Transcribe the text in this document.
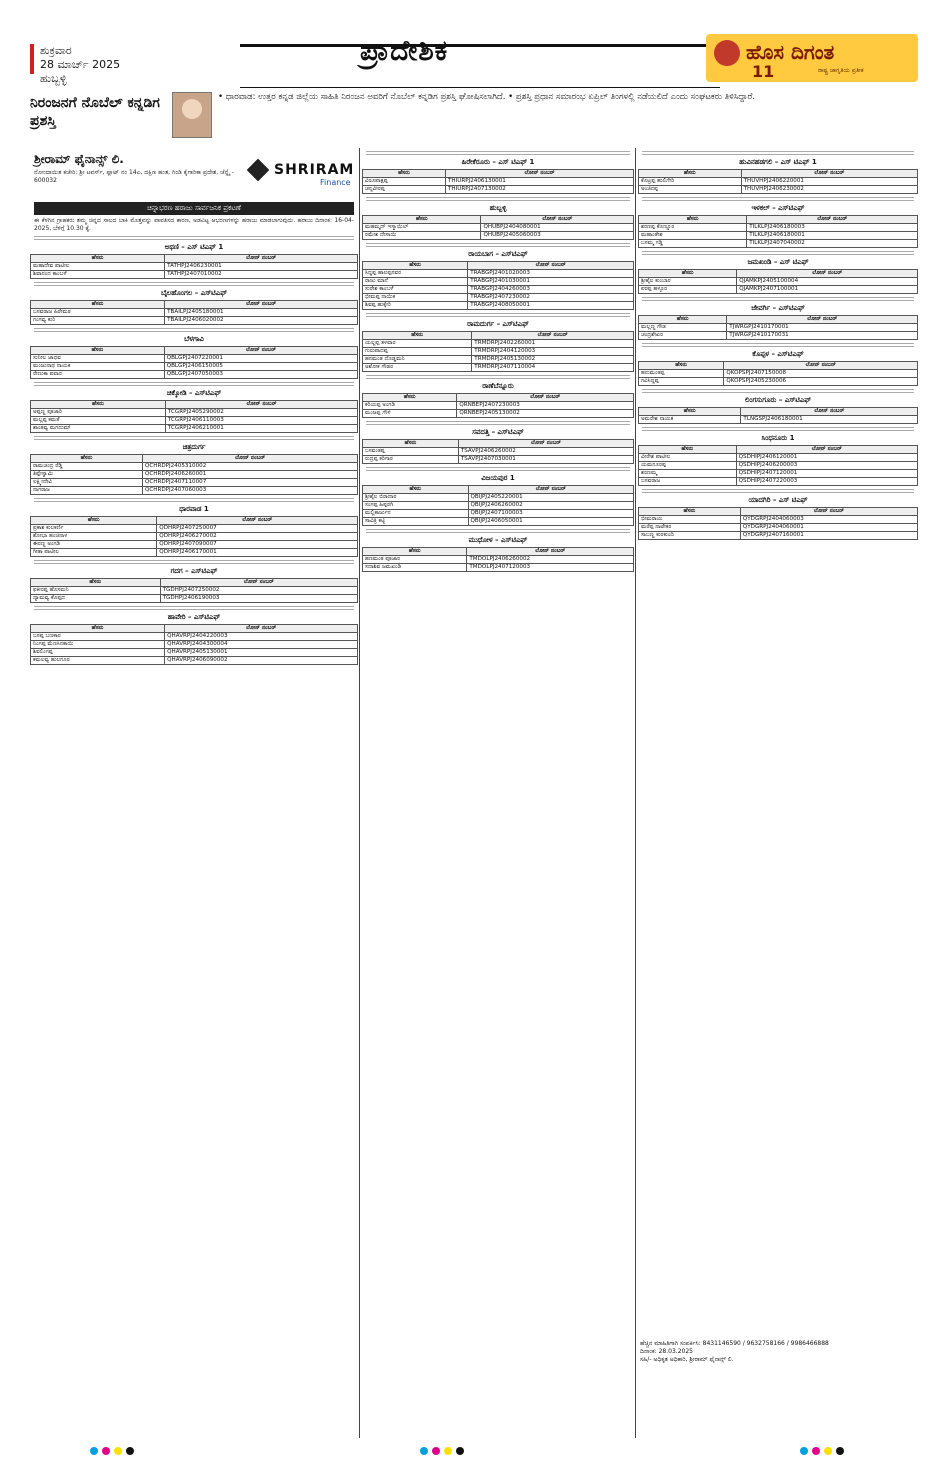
ಶುಕ್ರವಾರ
28 ಮಾರ್ಚ್ 2025
ಹುಬ್ಬಳ್ಳಿ
ಪ್ರಾದೇಶಿಕ	ಹೊಸ ದಿಗಂತ
11	ರಾಷ್ಟ್ರ ಜಾಗೃತಿಯ ಪ್ರತೀಕ
ನಿರಂಜನಗೆ ನೊಬೆಲ್ ಕನ್ನಡಿಗ ಪ್ರಶಸ್ತಿ
• ಧಾರವಾಡ: ಉತ್ತರ ಕನ್ನಡ ಜಿಲ್ಲೆಯ ಸಾಹಿತಿ ನಿರಂಜನ ಅವರಿಗೆ ನೊಬೆಲ್ ಕನ್ನಡಿಗ ಪ್ರಶಸ್ತಿ ಘೋಷಿಸಲಾಗಿದೆ. • ಪ್ರಶಸ್ತಿ ಪ್ರಧಾನ ಸಮಾರಂಭ ಏಪ್ರಿಲ್ ತಿಂಗಳಲ್ಲಿ ನಡೆಯಲಿದೆ ಎಂದು ಸಂಘಟಕರು ತಿಳಿಸಿದ್ದಾರೆ.
ಶ್ರೀರಾಮ್ ಫೈನಾನ್ಸ್ ಲಿ.
ನೋಂದಾಯಿತ ಕಚೇರಿ: ಶ್ರೀ ಟವರ್ಸ್, ಪ್ಲಾಟ್ ನಂ 14ಎ, ದಕ್ಷಿಣ ಹಂತ, ಗಿಂಡಿ ಕೈಗಾರಿಕಾ ಪ್ರದೇಶ, ಚೆನ್ನೈ - 600032
SHRIRAM
Finance
ಚಿನ್ನಾಭರಣ ಹರಾಜು ಸಾರ್ವಜನಿಕ ಪ್ರಕಟಣೆ
ಈ ಕೆಳಗಿನ ಗ್ರಾಹಕರು ತಮ್ಮ ಚಿನ್ನದ ಸಾಲದ ಬಾಕಿ ಮೊತ್ತವನ್ನು ಪಾವತಿಸದ ಕಾರಣ, ಅಡವಿಟ್ಟ ಆಭರಣಗಳನ್ನು ಹರಾಜು ಮಾಡಲಾಗುವುದು. ಹರಾಜು ದಿನಾಂಕ: 16-04-2025, ಬೆಳಿಗ್ಗೆ 10.30 ಕ್ಕೆ.
ಅಥಣಿ – ಎಸ್ ಟಿಎಫ್ 1
ಹೆಸರು	ಲೋನ್ ನಂಬರ್
ಮಹಾದೇವ ಪಾಟೀಲ	TATHPJ2406230001
ಶಿವಾನಂದ ಕಾಂಬಳೆ	TATHPJ2407010002
ಬೈಲಹೊಂಗಲ – ಎಸ್‌ಟಿಎಫ್
ಹೆಸರು	ಲೋನ್ ನಂಬರ್
ಬಸವರಾಜ ಹಿರೇಮಠ	TBAILPJ2405180001
ಗಂಗವ್ವ ಕುರಿ	TBAILPJ2406020002
ಬೆಳಗಾವಿ
ಹೆಸರು	ಲೋನ್ ನಂಬರ್
ಸುನೀಲ ಜಾಧವ	QBLGPJ2407220001
ಮಂಜುನಾಥ ನಾಯಕ	QBLGPJ2406150005
ರೇಣುಕಾ ಪವಾರ	QBLGPJ2407050003
ಚಿಕ್ಕೋಡಿ – ಎಸ್‌ಟಿಎಫ್
ಹೆಸರು	ಲೋನ್ ನಂಬರ್
ಅಪ್ಪಣ್ಣ ಪೂಜಾರಿ	TCGRPJ2405290002
ಮಲ್ಲಪ್ಪ ಕಮತೆ	TCGRPJ2406110003
ಶಾಂತವ್ವ ಮಗದುಮ್	TCGRPJ2406210001
ಚಿತ್ರದುರ್ಗ
ಹೆಸರು	ಲೋನ್ ನಂಬರ್
ರಾಮಚಂದ್ರ ರೆಡ್ಡಿ	QCHRDPJ2405310002
ತಿಪ್ಪೇಸ್ವಾಮಿ	QCHRDPJ2406260001
ಲಕ್ಷ್ಮೀದೇವಿ	QCHRDPJ2407110007
ನಾಗರಾಜ	QCHRDPJ2407060003
ಧಾರವಾಡ 1
ಹೆಸರು	ಲೋನ್ ನಂಬರ್
ಪ್ರಕಾಶ ಕುಲಕರ್ಣಿ	QDHRPJ2407250007
ಶೋಭಾ ಹಂಚಿನಾಳ	QDHRPJ2406270002
ಈರಣ್ಣ ಅಂಗಡಿ	QDHRPJ2407090007
ಗೀತಾ ಪಾಟೀಲ	QDHRPJ2406170001
ಗದಗ – ಎಸ್‌ಟಿಎಫ್
ಹೆಸರು	ಲೋನ್ ನಂಬರ್
ಫಕೀರಪ್ಪ ಹೊಸಮನಿ	TGDHPJ2407250002
ದ್ಯಾಮವ್ವ ಕೊಪ್ಪದ	TGDHPJ2406190003
ಹಾವೇರಿ – ಎಸ್‌ಟಿಎಫ್
ಹೆಸರು	ಲೋನ್ ನಂಬರ್
ಬಸಪ್ಪ ಬಣಕಾರ	QHAVRPJ2404220003
ನಿಂಗಪ್ಪ ಮೆಣಸಿನಕಾಯಿ	QHAVRPJ2404300004
ಶಿವಲಿಂಗಪ್ಪ	QHAVRPJ2405130001
ಕಮಲವ್ವ ಹುಲಗೂರ	QHAVRPJ2406090002
ಹಿರೇಕೆರೂರು – ಎಸ್ ಟಿಎಫ್ 1
ಹೆಸರು	ಲೋನ್ ನಂಬರ್
ವಿರೂಪಾಕ್ಷಪ್ಪ	THIURPJ2406130001
ಚನ್ನವೀರಪ್ಪ	THIURPJ2407130002
ಹುಬ್ಬಳ್ಳಿ
ಹೆಸರು	ಲೋನ್ ನಂಬರ್
ಮಹಮ್ಮದ್ ಇಸ್ಮಾಯಿಲ್	QHUBPJ2404080001
ರಮೇಶ ದೇಸಾಯಿ	QHUBPJ2405060003
ರಾಯಬಾಗ – ಎಸ್‌ಟಿಎಫ್
ಹೆಸರು	ಲೋನ್ ನಂಬರ್
ಸಿದ್ದಪ್ಪ ಹಾಲಪ್ಪನವರ	TRABGPJ2401020003
ರಾಜು ಮಾನೆ	TRABGPJ2401030001
ಸುರೇಶ ಕಾಂಬಳೆ	TRABGPJ2404260003
ಭೀಮಪ್ಪ ನಾಯಿಕ	TRABGPJ2407230002
ಶಿವಪ್ಪ ಹುಕ್ಕೇರಿ	TRABGPJ2408050001
ರಾಮದುರ್ಗ – ಎಸ್‌ಟಿಎಫ್
ಹೆಸರು	ಲೋನ್ ನಂಬರ್
ಯಲ್ಲಪ್ಪ ತಳವಾರ	TRMDRPJ2402260001
ಗುರುಪಾದಪ್ಪ	TRMDRPJ2404120003
ಹನಮಂತ ದೊಡ್ಡಮನಿ	TRMDRPJ2405130002
ಅಶೋಕ ಗೌಡರ	TRMDRPJ2407110004
ರಾಣೆಬೆನ್ನೂರು
ಹೆಸರು	ಲೋನ್ ನಂಬರ್
ಕರಿಯಪ್ಪ ಅಂಗಡಿ	QRNBEPJ2407230003
ಮಂಜಪ್ಪ ಗೌಳಿ	QRNBEPJ2405130002
ಸವದತ್ತಿ – ಎಸ್‌ಟಿಎಫ್
ಹೆಸರು	ಲೋನ್ ನಂಬರ್
ಬಸವಂತಪ್ಪ	TSAVPJ2406260002
ರುದ್ರಪ್ಪ ಕರಿಗಾರ	TSAVPJ2407030001
ವಿಜಯಪುರ 1
ಹೆಸರು	ಲೋನ್ ನಂಬರ್
ಶ್ರೀಶೈಲ ಬಿರಾದಾರ	QBIJPJ2405220001
ಸಂಗಪ್ಪ ಹಿಪ್ಪರಗಿ	QBIJPJ2406260002
ಮಲ್ಲಿಕಾರ್ಜುನ	QBIJPJ2407100003
ಸಾವಿತ್ರಿ ಕಟ್ಟಿ	QBIJPJ2406050001
ಮುಧೋಳ – ಎಸ್‌ಟಿಎಫ್
ಹೆಸರು	ಲೋನ್ ನಂಬರ್
ಹಣಮಂತ ಪೂಜಾರ	TMDOLPJ2406260002
ಸದಾಶಿವ ಜಮಖಂಡಿ	TMDOLPJ2407120003
ಹುವಿನಹಡಗಲಿ – ಎಸ್ ಟಿಎಫ್ 1
ಹೆಸರು	ಲೋನ್ ನಂಬರ್
ಕೊಟ್ರಪ್ಪ ಹುಲಿಗೇರಿ	THUVHPJ2406220001
ಅಂಜಿನಪ್ಪ	THUVHPJ2406230002
ಇಳಕಲ್ – ಎಸ್‌ಟಿಎಫ್
ಹೆಸರು	ಲೋನ್ ನಂಬರ್
ಶರಣಪ್ಪ ಕೊಣ್ಣೂರ	TILKLPJ2406180003
ಮಹಾಂತೇಶ	TILKLPJ2406180001
ಬಸಮ್ಮ ಗಡ್ಡಿ	TILKLPJ2407040002
ಜಮಖಂಡಿ – ಎಸ್ ಟಿಎಫ್
ಹೆಸರು	ಲೋನ್ ನಂಬರ್
ಶ್ರೀಶೈಲ ಕುಂಬಾರ	QJAMKPJ2405100004
ಪರಪ್ಪ ಹಳ್ಳೂರ	QJAMKPJ2407100001
ಜೇವರ್ಗಿ – ಎಸ್‌ಟಿಎಫ್
ಹೆಸರು	ಲೋನ್ ನಂಬರ್
ಮಲ್ಲಣ್ಣ ಗೌಡ	TJWRGPJ2410170001
ಚಂದ್ರಶೇಖರ	TJWRGPJ2410170031
ಕೊಪ್ಪಳ – ಎಸ್‌ಟಿಎಫ್
ಹೆಸರು	ಲೋನ್ ನಂಬರ್
ಹನುಮಂತಪ್ಪ	QKOPSPJ2407150008
ಗವಿಸಿದ್ದಪ್ಪ	QKOPSPJ2405230006
ಲಿಂಗಸುಗೂರು – ಎಸ್‌ಟಿಎಫ್
ಹೆಸರು	ಲೋನ್ ನಂಬರ್
ಅಮರೇಶ ನಾಯಕ	TLNGSPJ2406180001
ಸಿಂಧನೂರು 1
ಹೆಸರು	ಲೋನ್ ನಂಬರ್
ವೀರೇಶ ಪಾಟೀಲ	QSDHIPJ2406120001
ಯಮನೂರಪ್ಪ	QSDHIPJ2406200003
ಶರಣಮ್ಮ	QSDHIPJ2407120001
ಬಸವರಾಜ	QSDHIPJ2407220003
ಯಾದಗಿರಿ – ಎಸ್ ಟಿಎಫ್
ಹೆಸರು	ಲೋನ್ ನಂಬರ್
ಭೀಮರಾಯ	QYDGRPJ2404060003
ಮರೆಪ್ಪ ನಾಟೇಕರ	QYDGRPJ2404060001
ಸಾಬಣ್ಣ ಕುರಕುಂದಿ	QYDGRPJ2407160001
ಹೆಚ್ಚಿನ ಮಾಹಿತಿಗಾಗಿ ಸಂಪರ್ಕಿಸಿ: 8431146590 / 9632758166 / 9986466888
ದಿನಾಂಕ: 28.03.2025
ಸಹಿ/- ಅಧಿಕೃತ ಅಧಿಕಾರಿ, ಶ್ರೀರಾಮ್ ಫೈನಾನ್ಸ್ ಲಿ.
